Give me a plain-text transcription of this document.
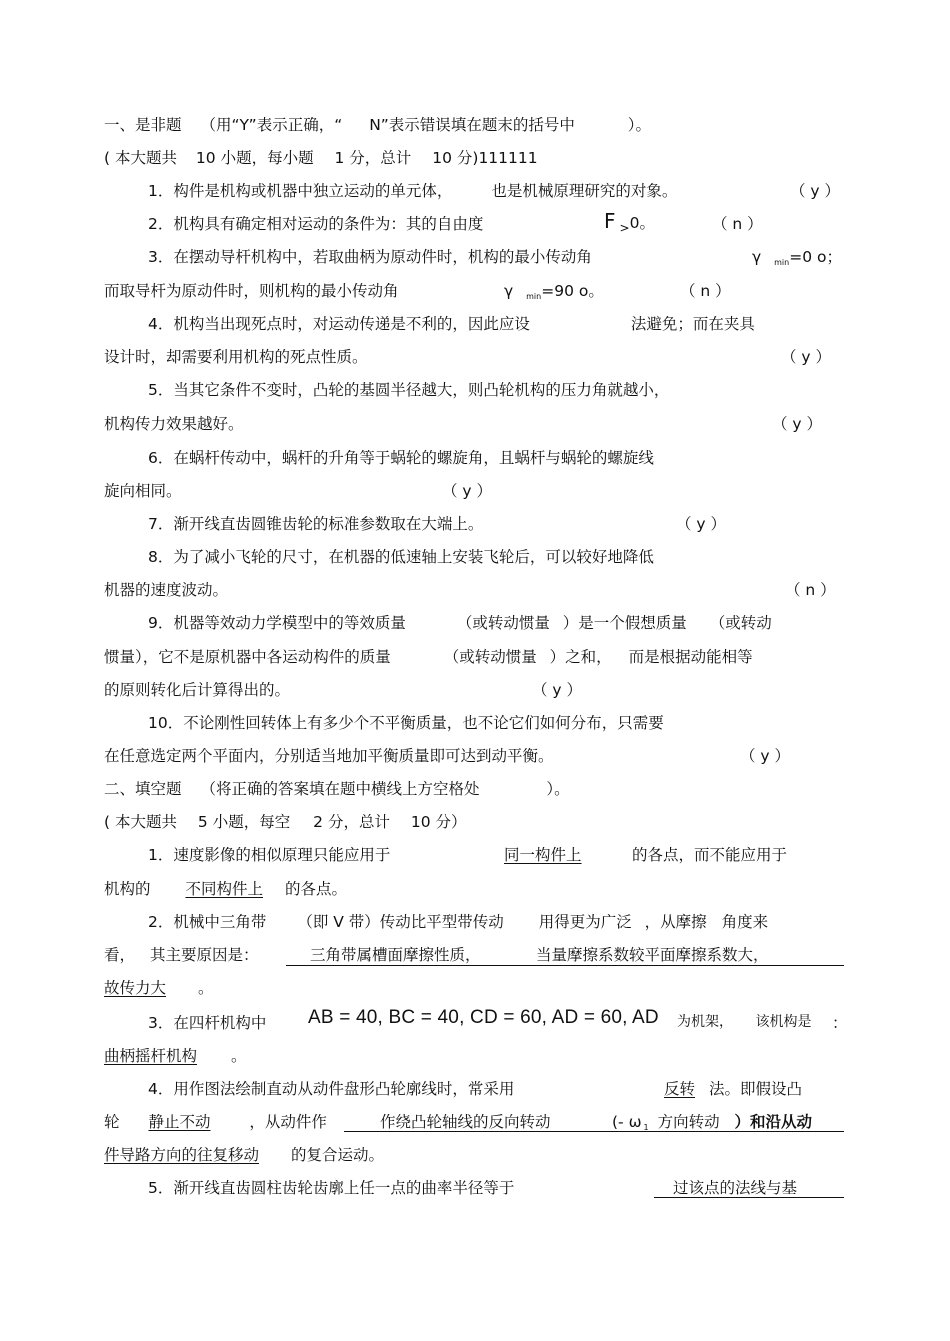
一、是非题 （用“Y”表示正确，“ N”表示错误填在题末的括号中	）。
( 本大题共 10 小题，每小题 1 分，总计 10 分)111111
1．构件是机构或机器中独立运动的单元体，	也是机械原理研究的对象。	（ y ）
2．机构具有确定相对运动的条件为：其的自由度	F $_>$0。	（ n ）
3．在摆动导杆机构中，若取曲柄为原动件时，机构的最小传动角	γ $_{min}$=0 o；
而取导杆为原动件时，则机构的最小传动角	γ $_{min}$=90 o。	（ n ）
4．机构当出现死点时，对运动传递是不利的，因此应设	法避免；而在夹具
设计时，却需要利用机构的死点性质。	（ y ）
5．当其它条件不变时，凸轮的基圆半径越大，则凸轮机构的压力角就越小，
机构传力效果越好。	（ y ）
6．在蜗杆传动中，蜗杆的升角等于蜗轮的螺旋角，且蜗杆与蜗轮的螺旋线
旋向相同。	（ y ）
7．渐开线直齿圆锥齿轮的标准参数取在大端上。	（ y ）
8．为了减小飞轮的尺寸，在机器的低速轴上安装飞轮后，可以较好地降低
机器的速度波动。	（ n ）
9．机器等效动力学模型中的等效质量	（或转动惯量 ）是一个假想质量 （或转动
惯量），它不是原机器中各运动构件的质量	（或转动惯量 ）之和， 而是根据动能相等
的原则转化后计算得出的。	（ y ）
10．不论刚性回转体上有多少个不平衡质量，也不论它们如何分布，只需要
在任意选定两个平面内，分别适当地加平衡质量即可达到动平衡。	（ y ）
二、填空题 （将正确的答案填在题中横线上方空格处	）。
( 本大题共 5 小题，每空 2 分，总计 10 分）
1．速度影像的相似原理只能应用于	同一构件上	的各点，而不能应用于
机构的 不同构件上 的各点。
2．机械中三角带 （即 V 带）传动比平型带传动 用得更为广泛 ，从摩擦 角度来
看， 其主要原因是：	三角带属槽面摩擦性质，	当量摩擦系数较平面摩擦系数大，
故传力大 。
3．在四杆机构中 AB = 40, BC = 40, CD = 60, AD = 60, AD 为机架， 该机构是 ：
曲柄摇杆机构 。
4．用作图法绘制直动从动件盘形凸轮廓线时，常采用	反转 法。即假设凸
轮 静止不动	，从动件作	作绕凸轮轴线的反向转动	(- ω $_1$ 方向转动 ）和沿从动
件导路方向的往复移动 的复合运动。
5．渐开线直齿圆柱齿轮齿廓上任一点的曲率半径等于	过该点的法线与基
